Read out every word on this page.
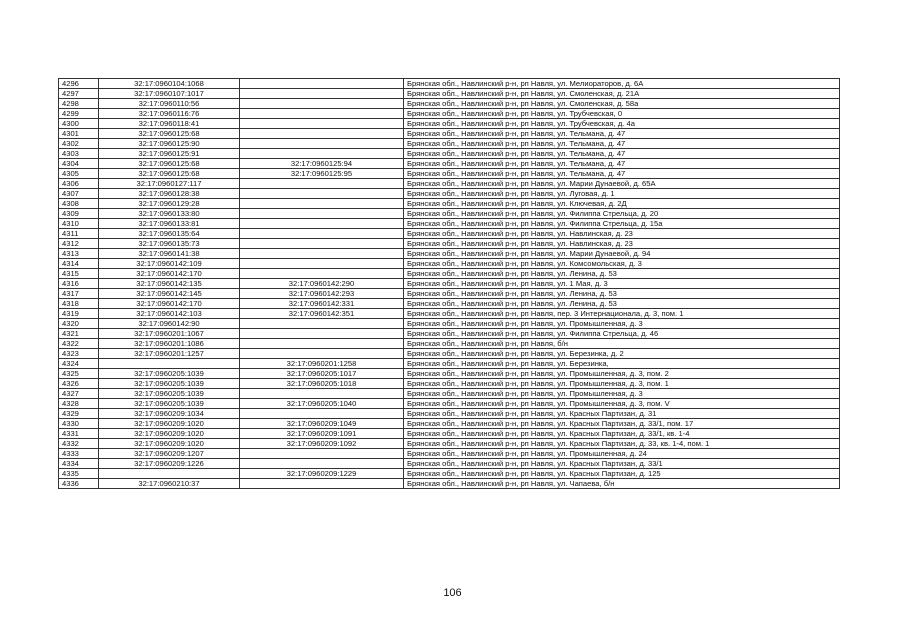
4296	32:17:0960104:1068		Брянская обл., Навлинский р-н, рп Навля, ул. Мелиораторов, д. 6А
4297	32:17:0960107:1017		Брянская обл., Навлинский р-н, рп Навля, ул. Смоленская, д. 21А
4298	32:17:0960110:56		Брянская обл., Навлинский р-н, рп Навля, ул. Смоленская, д. 58а
4299	32:17:0960116:76		Брянская обл., Навлинский р-н, рп Навля, ул. Трубчевская, 0
4300	32:17:0960118:41		Брянская обл., Навлинский р-н, рп Навля, ул. Трубчевская, д. 4а
4301	32:17:0960125:68		Брянская обл., Навлинский р-н, рп Навля, ул. Тельмана, д. 47
4302	32:17:0960125:90		Брянская обл., Навлинский р-н, рп Навля, ул. Тельмана, д. 47
4303	32:17:0960125:91		Брянская обл., Навлинский р-н, рп Навля, ул. Тельмана, д. 47
4304	32:17:0960125:68	32:17:0960125:94	Брянская обл., Навлинский р-н, рп Навля, ул. Тельмана, д. 47
4305	32:17:0960125:68	32:17:0960125:95	Брянская обл., Навлинский р-н, рп Навля, ул. Тельмана, д. 47
4306	32:17:0960127:117		Брянская обл., Навлинский р-н, рп Навля, ул. Марии Дунаевой, д. 65А
4307	32:17:0960128:38		Брянская обл., Навлинский р-н, рп Навля, ул. Луговая, д. 1
4308	32:17:0960129:28		Брянская обл., Навлинский р-н, рп Навля, ул. Ключевая, д. 2Д
4309	32:17:0960133:80		Брянская обл., Навлинский р-н, рп Навля, ул. Филиппа Стрельца, д. 20
4310	32:17:0960133:81		Брянская обл., Навлинский р-н, рп Навля, ул. Филиппа Стрельца, д. 15а
4311	32:17:0960135:64		Брянская обл., Навлинский р-н, рп Навля, ул. Навлинская, д. 23
4312	32:17:0960135:73		Брянская обл., Навлинский р-н, рп Навля, ул. Навлинская, д. 23
4313	32:17:0960141:38		Брянская обл., Навлинский р-н, рп Навля, ул. Марии Дунаевой, д. 94
4314	32:17:0960142:109		Брянская обл., Навлинский р-н, рп Навля, ул. Комсомольская, д. 3
4315	32:17:0960142:170		Брянская обл., Навлинский р-н, рп Навля, ул. Ленина, д. 53
4316	32:17:0960142:135	32:17:0960142:290	Брянская обл., Навлинский р-н, рп Навля, ул. 1 Мая, д. 3
4317	32:17:0960142:145	32:17:0960142:293	Брянская обл., Навлинский р-н, рп Навля, ул. Ленина, д. 53
4318	32:17:0960142:170	32:17:0960142:331	Брянская обл., Навлинский р-н, рп Навля, ул. Ленина, д. 53
4319	32:17:0960142:103	32:17:0960142:351	Брянская обл., Навлинский р-н, рп Навля, пер. 3 Интернационала, д. 3, пом. 1
4320	32:17:0960142:90		Брянская обл., Навлинский р-н, рп Навля, ул. Промышленная, д. 3
4321	32:17:0960201:1067		Брянская обл., Навлинский р-н, рп Навля, ул. Филиппа Стрельца, д. 46
4322	32:17:0960201:1086		Брянская обл., Навлинский р-н, рп Навля, б/н
4323	32:17:0960201:1257		Брянская обл., Навлинский р-н, рп Навля, ул. Березинка, д. 2
4324		32:17:0960201:1258	Брянская обл., Навлинский р-н, рп Навля, ул. Березинка,
4325	32:17:0960205:1039	32:17:0960205:1017	Брянская обл., Навлинский р-н, рп Навля, ул. Промышленная, д. 3, пом. 2
4326	32:17:0960205:1039	32:17:0960205:1018	Брянская обл., Навлинский р-н, рп Навля, ул. Промышленная, д. 3, пом. 1
4327	32:17:0960205:1039		Брянская обл., Навлинский р-н, рп Навля, ул. Промышленная, д. 3
4328	32:17:0960205:1039	32:17:0960205:1040	Брянская обл., Навлинский р-н, рп Навля, ул. Промышленная, д. 3, пом. V
4329	32:17:0960209:1034		Брянская обл., Навлинский р-н, рп Навля, ул. Красных Партизан, д. 31
4330	32:17:0960209:1020	32:17:0960209:1049	Брянская обл., Навлинский р-н, рп Навля, ул. Красных Партизан, д. 33/1, пом. 17
4331	32:17:0960209:1020	32:17:0960209:1091	Брянская обл., Навлинский р-н, рп Навля, ул. Красных Партизан, д. 33/1, кв. 1-4
4332	32:17:0960209:1020	32:17:0960209:1092	Брянская обл., Навлинский р-н, рп Навля, ул. Красных Партизан, д. 33, кв. 1-4, пом. 1
4333	32:17:0960209:1207		Брянская обл., Навлинский р-н, рп Навля, ул. Промышленная, д. 24
4334	32:17:0960209:1226		Брянская обл., Навлинский р-н, рп Навля, ул. Красных Партизан, д. 33/1
4335		32:17:0960209:1229	Брянская обл., Навлинский р-н, рп Навля, ул. Красных Партизан, д. 125
4336	32:17:0960210:37		Брянская обл., Навлинский р-н, рп Навля, ул. Чапаева, б/н
106
